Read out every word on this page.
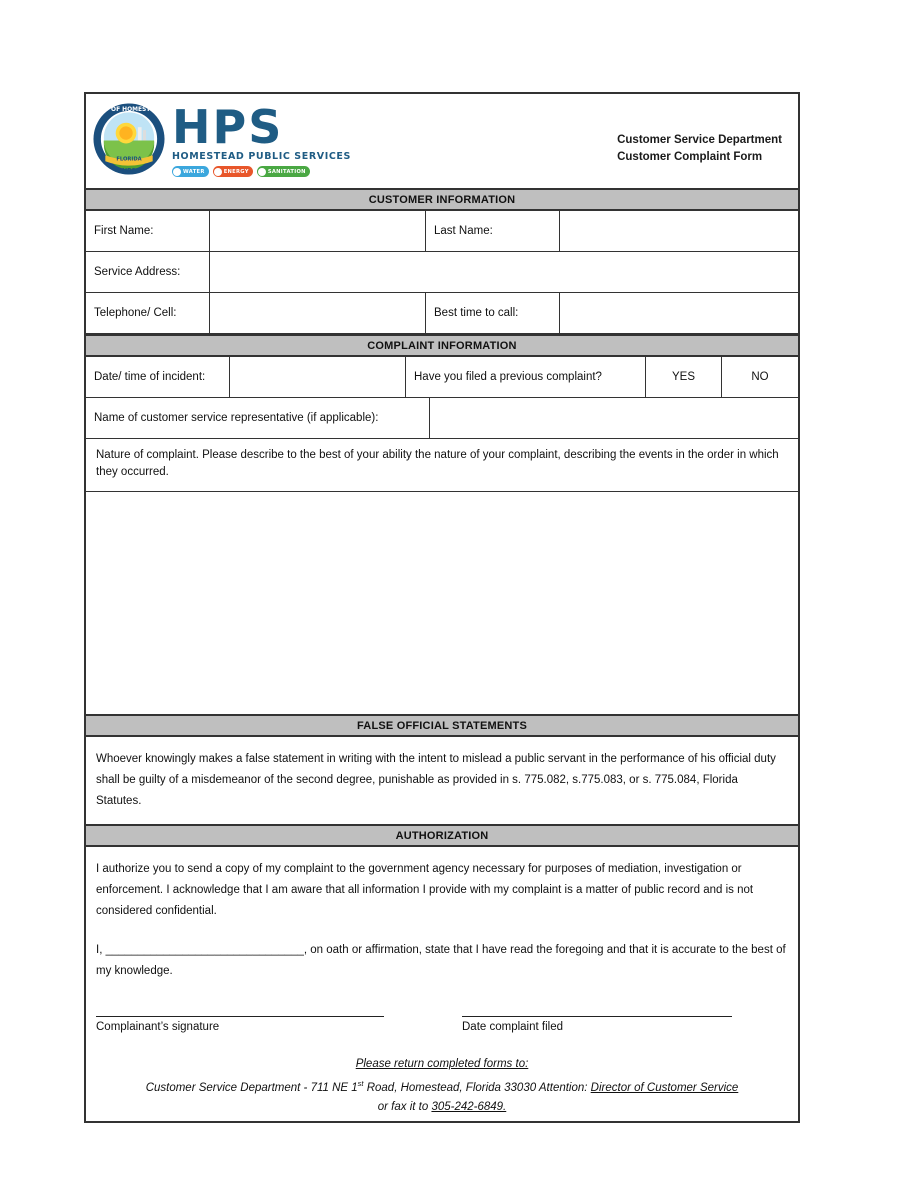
CITY OF HOMESTEAD
FLORIDA
HPS
HPS
HOMESTEAD PUBLIC SERVICES
WATER	ENERGY	SANITATION
Customer Service Department
Customer Complaint Form
CUSTOMER INFORMATION
First Name:	Last Name:
Service Address:
Telephone/ Cell:	Best time to call:
COMPLAINT INFORMATION
Date/ time of incident:	Have you filed a previous complaint?	YES	NO
Name of customer service representative (if applicable):
Nature of complaint. Please describe to the best of your ability the nature of your complaint, describing the events in the order in which they occurred.
FALSE OFFICIAL STATEMENTS

Whoever knowingly makes a false statement in writing with the intent to mislead a public servant in the performance of his official duty shall be guilty of a misdemeanor of the second degree, punishable as provided in s. 775.082, s.775.083, or s. 775.084, Florida Statutes.

AUTHORIZATION

I authorize you to send a copy of my complaint to the government agency necessary for purposes of mediation, investigation or enforcement. I acknowledge that I am aware that all information I provide with my complaint is a matter of public record and is not considered confidential.

I, _______________________________, on oath or affirmation, state that I have read the foregoing and that it is accurate to the best of my knowledge.

Complainant’s signature	Date complaint filed
Please return completed forms to:
Customer Service Department - 711 NE 1st Road, Homestead, Florida 33030 Attention: Director of Customer Service
or fax it to 305-242-6849.
